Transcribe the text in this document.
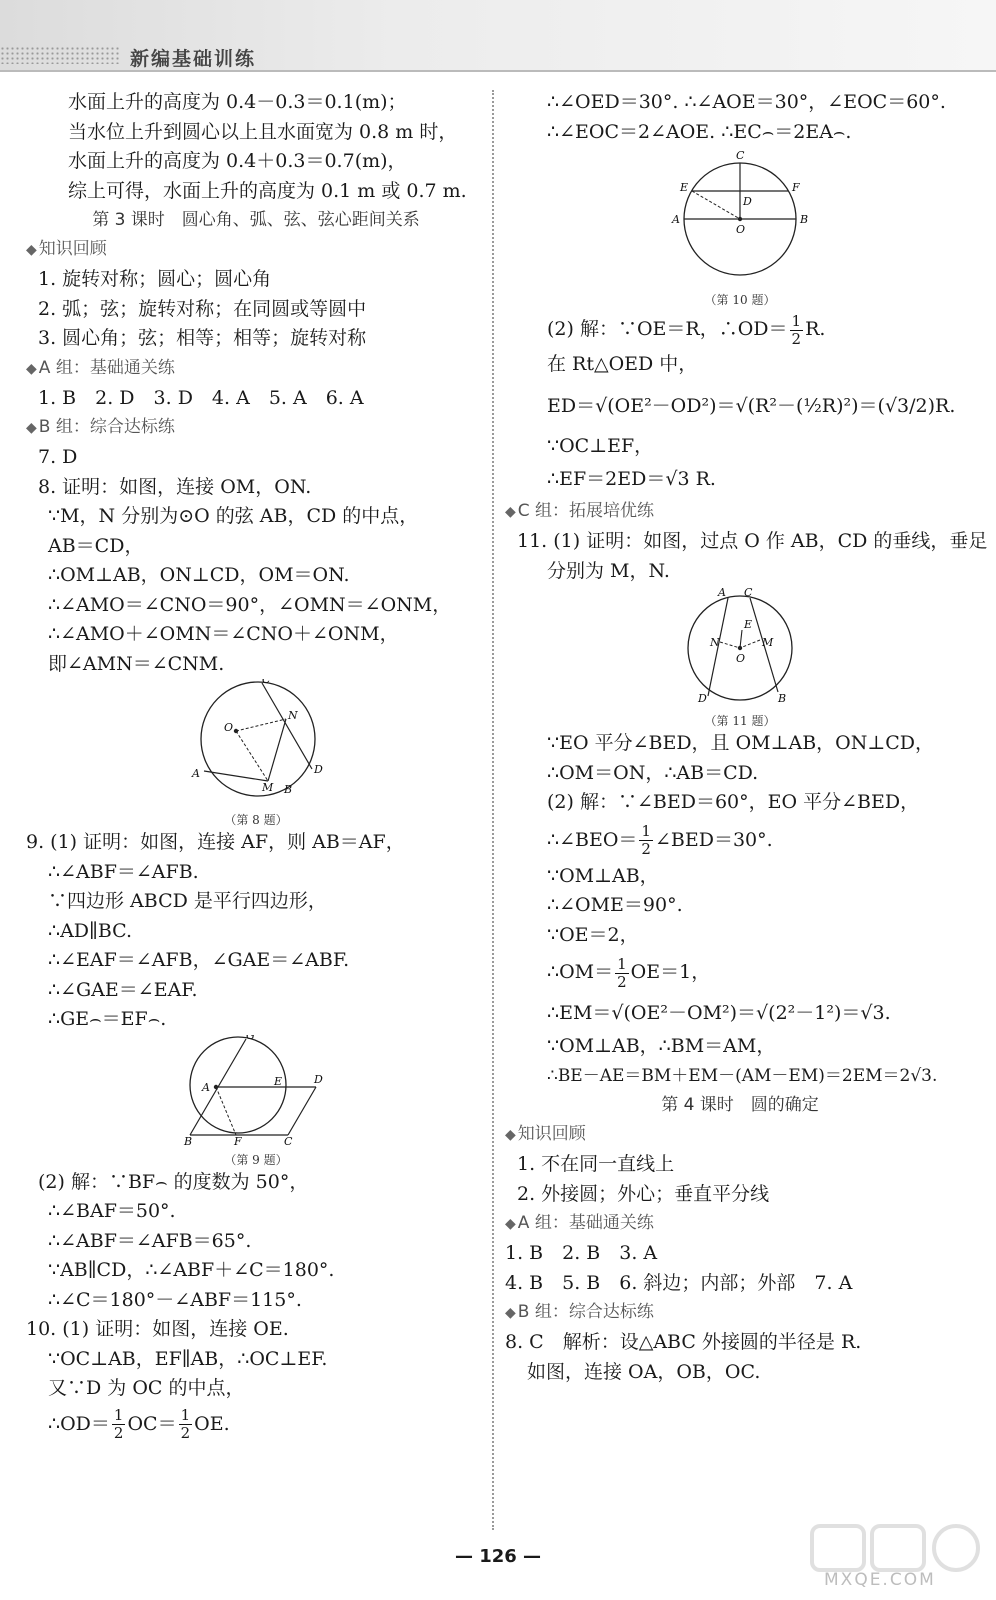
新编基础训练
水面上升的高度为 0.4－0.3＝0.1(m)；
当水位上升到圆心以上且水面宽为 0.8 m 时，
水面上升的高度为 0.4＋0.3＝0.7(m)，
综上可得，水面上升的高度为 0.1 m 或 0.7 m.
第 3 课时　圆心角、弧、弦、弦心距间关系
◆ 知识回顾
1. 旋转对称；圆心；圆心角
2. 弧；弦；旋转对称；在同圆或等圆中
3. 圆心角；弦；相等；相等；旋转对称
◆ A 组：基础通关练
1. B　2. D　3. D　4. A　5. A　6. A
◆ B 组：综合达标练
7. D
8. 证明：如图，连接 OM，ON.
∵M，N 分别为⊙O 的弦 AB，CD 的中点，
AB＝CD，
∴OM⊥AB，ON⊥CD，OM＝ON.
∴∠AMO＝∠CNO＝90°，∠OMN＝∠ONM，
∴∠AMO＋∠OMN＝∠CNO＋∠ONM，
即∠AMN＝∠CNM.
C
N
O
D
A
M B
（第 8 题）
9. (1) 证明：如图，连接 AF，则 AB＝AF，
∴∠ABF＝∠AFB.
∵四边形 ABCD 是平行四边形，
∴AD∥BC.
∴∠EAF＝∠AFB，∠GAE＝∠ABF.
∴∠GAE＝∠EAF.
∴GE⌢＝EF⌢.
G
A	E	D
B	F	C
（第 9 题）
(2) 解：∵BF⌢ 的度数为 50°，
∴∠BAF＝50°.
∴∠ABF＝∠AFB＝65°.
∵AB∥CD，∴∠ABF＋∠C＝180°.
∴∠C＝180°－∠ABF＝115°.
10. (1) 证明：如图，连接 OE.
∵OC⊥AB，EF∥AB，∴OC⊥EF.
又∵D 为 OC 的中点，
∴OD＝ $\frac{1}{2} OC= \frac{1}{2}$ OE.
∴∠OED＝30°. ∴∠AOE＝30°，∠EOC＝60°.
∴∠EOC＝2∠AOE. ∴EC⌢＝2EA⌢.
C
E	F
D
A
O
B
（第 10 题）
(2) 解：∵OE＝R，∴OD＝ $\frac{1}{2} R$.
在 Rt△OED 中，
ED＝√(OE²－OD²)＝√(R²－(½R)²)＝(√3/2)R.
∵OC⊥EF，
∴EF＝2ED＝√3 R.
◆ C 组：拓展培优练
11. (1) 证明：如图，过点 O 作 AB，CD 的垂线，垂足
分别为 M，N.
A C
E
N	M
O
D	B
（第 11 题）
∵EO 平分∠BED，且 OM⊥AB，ON⊥CD，
∴OM＝ON，∴AB＝CD.
(2) 解：∵∠BED＝60°，EO 平分∠BED，
∴∠BEO＝ $\frac{1}{2}$ ∠BED＝30°.
∵OM⊥AB，
∴∠OME＝90°.
∵OE＝2，
∴OM＝ $\frac{1}{2} OE=1$，
∴EM＝√(OE²－OM²)＝√(2²－1²)＝√3.
∵OM⊥AB，∴BM＝AM，
∴BE－AE＝BM＋EM－(AM－EM)＝2EM＝2√3.
第 4 课时　圆的确定
◆ 知识回顾
1. 不在同一直线上
2. 外接圆；外心；垂直平分线
◆ A 组：基础通关练
1. B　2. B　3. A
4. B　5. B　6. 斜边；内部；外部　7. A
◆ B 组：综合达标练
8. C　解析：设△ABC 外接圆的半径是 R.
如图，连接 OA，OB，OC.
— 126 —
MXQE.COM
